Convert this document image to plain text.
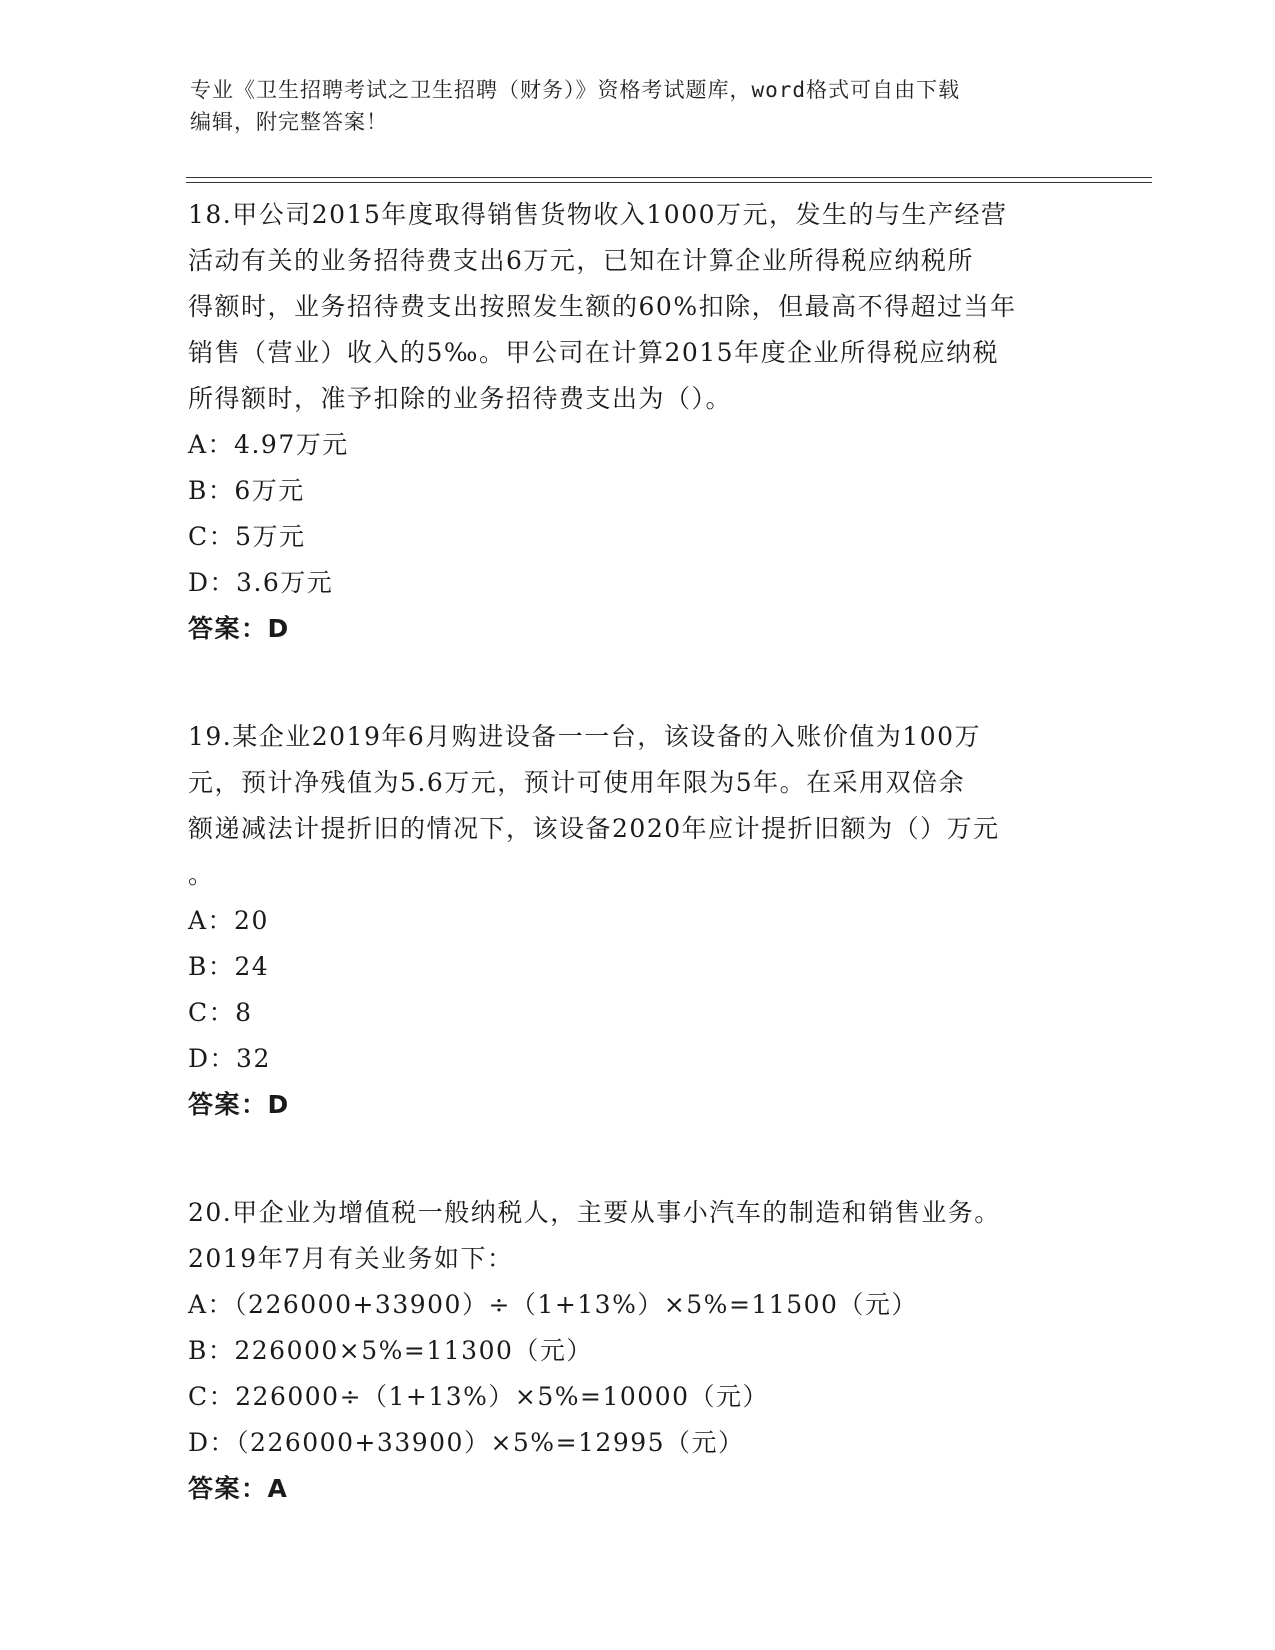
专业《卫生招聘考试之卫生招聘（财务）》资格考试题库，word格式可自由下载
编辑，附完整答案！
18.甲公司2015年度取得销售货物收入1000万元，发生的与生产经营
活动有关的业务招待费支出6万元，已知在计算企业所得税应纳税所
得额时，业务招待费支出按照发生额的60%扣除，但最高不得超过当年
销售（营业）收入的5‰。甲公司在计算2015年度企业所得税应纳税
所得额时，准予扣除的业务招待费支出为（）。
A：4.97万元
B：6万元
C：5万元
D：3.6万元
答案：D
19.某企业2019年6月购进设备一一台，该设备的入账价值为100万
元，预计净残值为5.6万元，预计可使用年限为5年。在采用双倍余
额递减法计提折旧的情况下，该设备2020年应计提折旧额为（）万元
。
A：20
B：24
C：8
D：32
答案：D
20.甲企业为增值税一般纳税人，主要从事小汽车的制造和销售业务。
2019年7月有关业务如下：
A：（226000+33900）÷（1+13%）×5%=11500（元）
B：226000×5%=11300（元）
C：226000÷（1+13%）×5%=10000（元）
D：（226000+33900）×5%=12995（元）
答案：A
